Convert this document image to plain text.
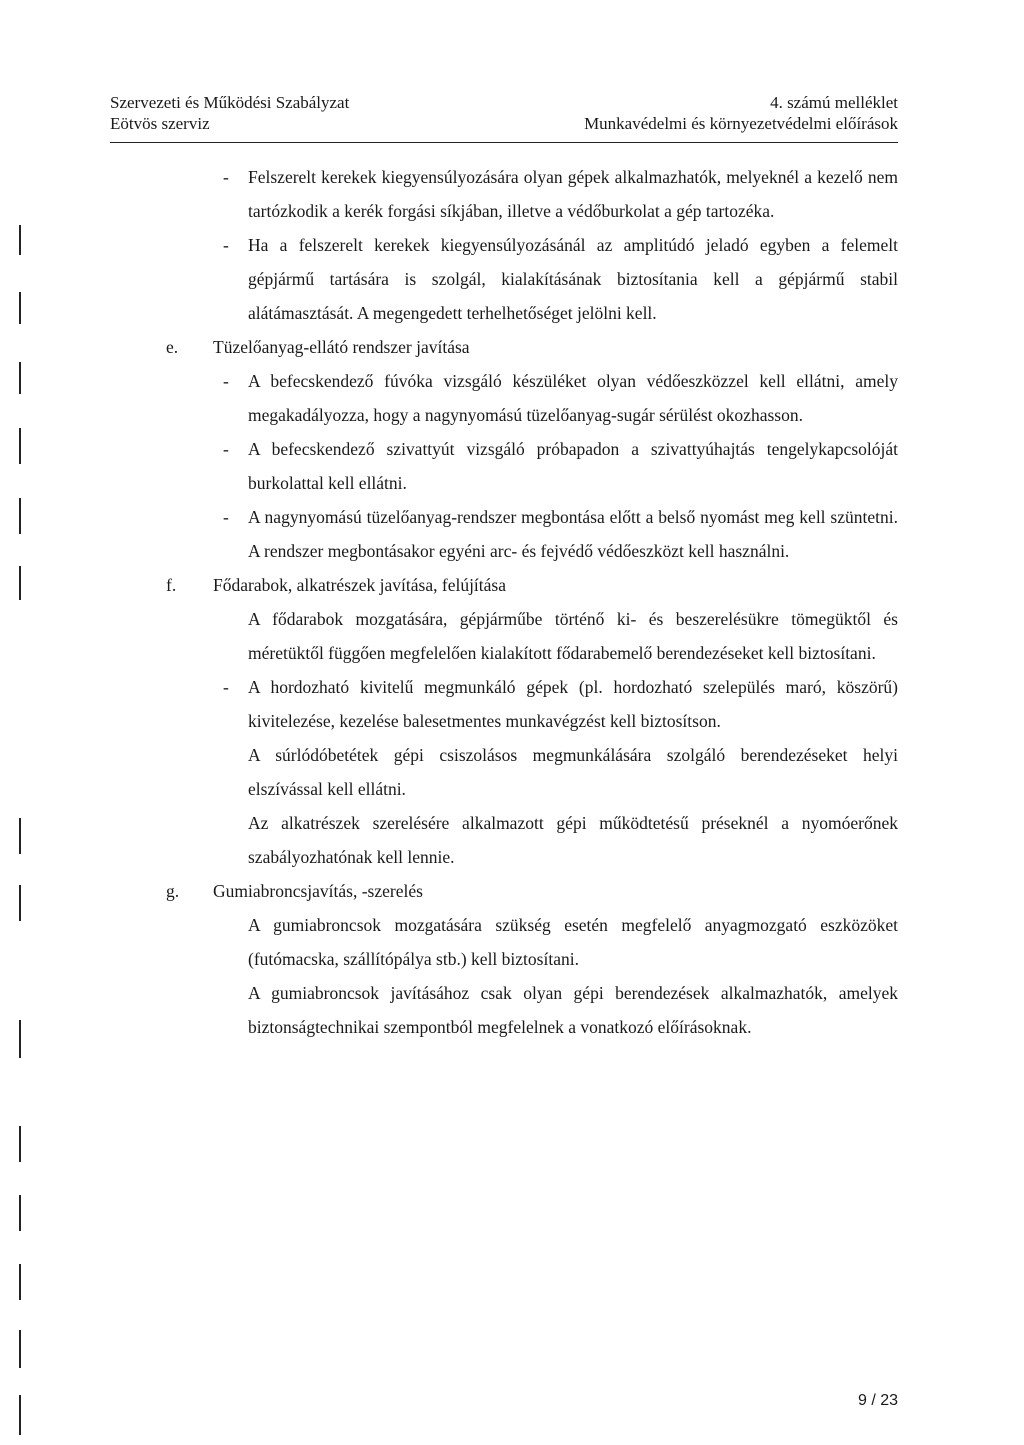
Szervezeti és Működési Szabályzat	4. számú melléklet
Eötvös szerviz	Munkavédelmi és környezetvédelmi előírások
- Felszerelt kerekek kiegyensúlyozására olyan gépek alkalmazhatók, melyeknél a kezelő nem tartózkodik a kerék forgási síkjában, illetve a védőburkolat a gép tartozéka.
- Ha a felszerelt kerekek kiegyensúlyozásánál az amplitúdó jeladó egyben a felemelt gépjármű tartására is szolgál, kialakításának biztosítania kell a gépjármű stabil alátámasztását. A megengedett terhelhetőséget jelölni kell.
e. Tüzelőanyag-ellátó rendszer javítása
- A befecskendező fúvóka vizsgáló készüléket olyan védőeszközzel kell ellátni, amely megakadályozza, hogy a nagynyomású tüzelőanyag-sugár sérülést okozhasson.
- A befecskendező szivattyút vizsgáló próbapadon a szivattyúhajtás tengelykapcsolóját burkolattal kell ellátni.
- A nagynyomású tüzelőanyag-rendszer megbontása előtt a belső nyomást meg kell szüntetni. A rendszer megbontásakor egyéni arc- és fejvédő védőeszközt kell használni.
f. Fődarabok, alkatrészek javítása, felújítása
A fődarabok mozgatására, gépjárműbe történő ki- és beszerelésükre tömegüktől és méretüktől függően megfelelően kialakított fődarabemelő berendezéseket kell biztosítani.
- A hordozható kivitelű megmunkáló gépek (pl. hordozható szelepülés maró, köszörű) kivitelezése, kezelése balesetmentes munkavégzést kell biztosítson.
A súrlódóbetétek gépi csiszolásos megmunkálására szolgáló berendezéseket helyi elszívással kell ellátni.
Az alkatrészek szerelésére alkalmazott gépi működtetésű préseknél a nyomóerőnek szabályozhatónak kell lennie.
g. Gumiabroncsjavítás, -szerelés
A gumiabroncsok mozgatására szükség esetén megfelelő anyagmozgató eszközöket (futómacska, szállítópálya stb.) kell biztosítani.
A gumiabroncsok javításához csak olyan gépi berendezések alkalmazhatók, amelyek biztonságtechnikai szempontból megfelelnek a vonatkozó előírásoknak.
9 / 23
